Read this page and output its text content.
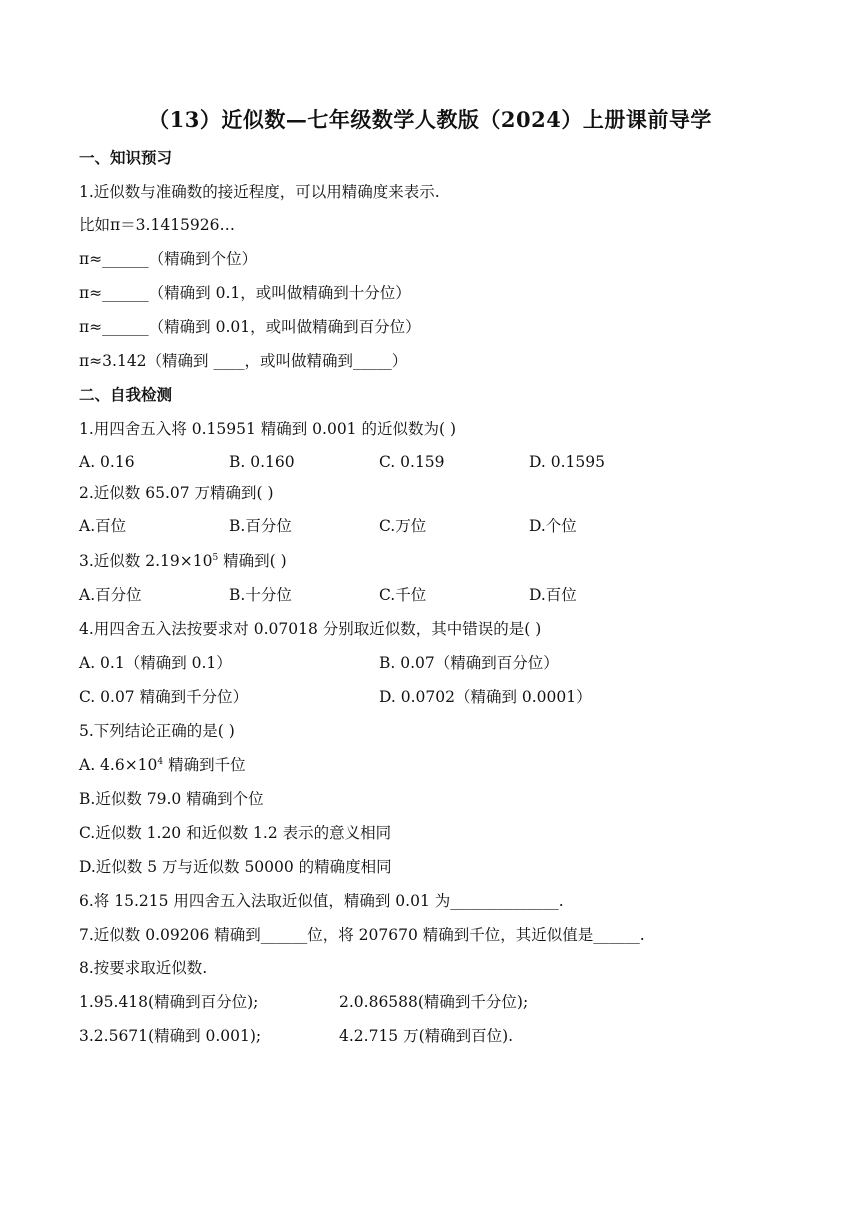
（13）近似数—七年级数学人教版（2024）上册课前导学
一、知识预习
1.近似数与准确数的接近程度，可以用精确度来表示.
比如π＝3.1415926…
π≈______（精确到个位）
π≈______（精确到 0.1，或叫做精确到十分位）
π≈______（精确到 0.01，或叫做精确到百分位）
π≈3.142（精确到 ____，或叫做精确到_____）
二、自我检测
1.用四舍五入将 0.15951 精确到 0.001 的近似数为( )
A. 0.16	B. 0.160	C. 0.159	D. 0.1595
2.近似数 65.07 万精确到( )
A.百位	B.百分位	C.万位	D.个位
3.近似数 $2.19\times 10^5$ 精确到( )
A.百分位	B.十分位	C.千位	D.百位
4.用四舍五入法按要求对 0.07018 分别取近似数，其中错误的是( )
A. 0.1（精确到 0.1）	B. 0.07（精确到百分位）
C. 0.07 精确到千分位）	D. 0.0702（精确到 0.0001）
5.下列结论正确的是( )
A. $4.6\times 10^4$ 精确到千位
B.近似数 79.0 精确到个位
C.近似数 1.20 和近似数 1.2 表示的意义相同
D.近似数 5 万与近似数 50000 的精确度相同
6.将 15.215 用四舍五入法取近似值，精确到 0.01 为______________.
7.近似数 0.09206 精确到______位，将 207670 精确到千位，其近似值是______.
8.按要求取近似数.
1.95.418(精确到百分位);	2.0.86588(精确到千分位);
3.2.5671(精确到 0.001);	4.2.715 万(精确到百位).
